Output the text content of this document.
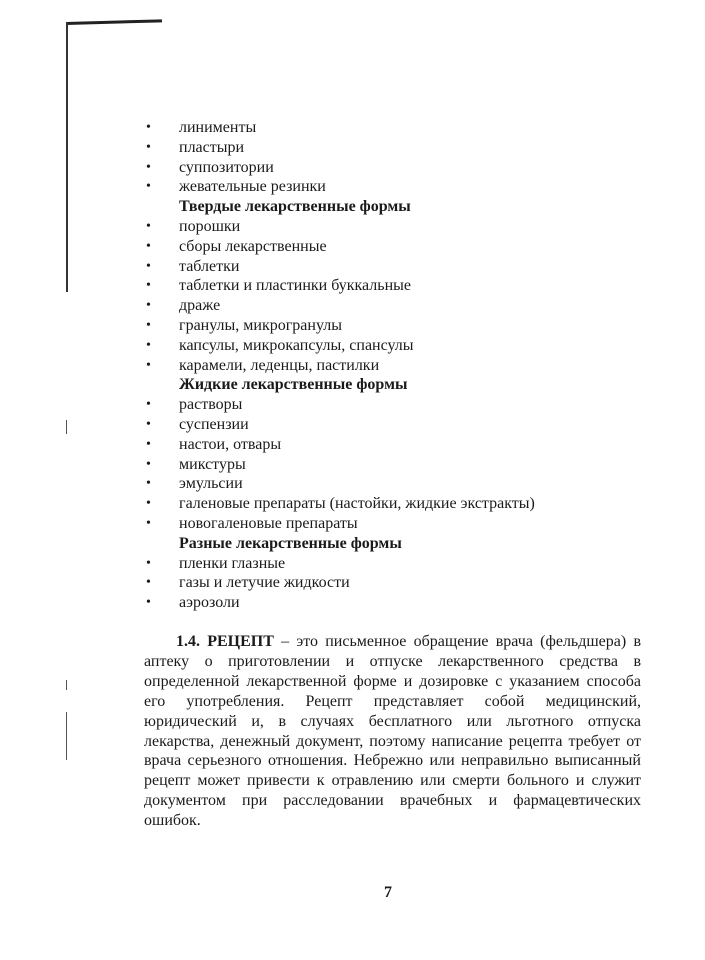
• линименты
• пластыри
• суппозитории
• жевательные резинки
Твердые лекарственные формы
• порошки
• сборы лекарственные
• таблетки
• таблетки и пластинки буккальные
• драже
• гранулы, микрогранулы
• капсулы, микрокапсулы, спансулы
• карамели, леденцы, пастилки
Жидкие лекарственные формы
• растворы
• суспензии
• настои, отвары
• микстуры
• эмульсии
• галеновые препараты (настойки, жидкие экстракты)
• новогаленовые препараты
Разные лекарственные формы
• пленки глазные
• газы и летучие жидкости
• аэрозоли

1.4. РЕЦЕПТ – это письменное обращение врача (фельдшера) в аптеку о приготовлении и отпуске лекарственного средства в определенной лекарственной форме и дозировке с указанием способа его употребления. Рецепт представляет собой медицинский, юридический и, в случаях бесплатного или льготного отпуска лекарства, денежный документ, поэтому написание рецепта требует от врача серьезного отношения. Небрежно или неправильно выписанный рецепт может привести к отравлению или смерти больного и служит документом при расследовании врачебных и фармацевтических ошибок.

7
